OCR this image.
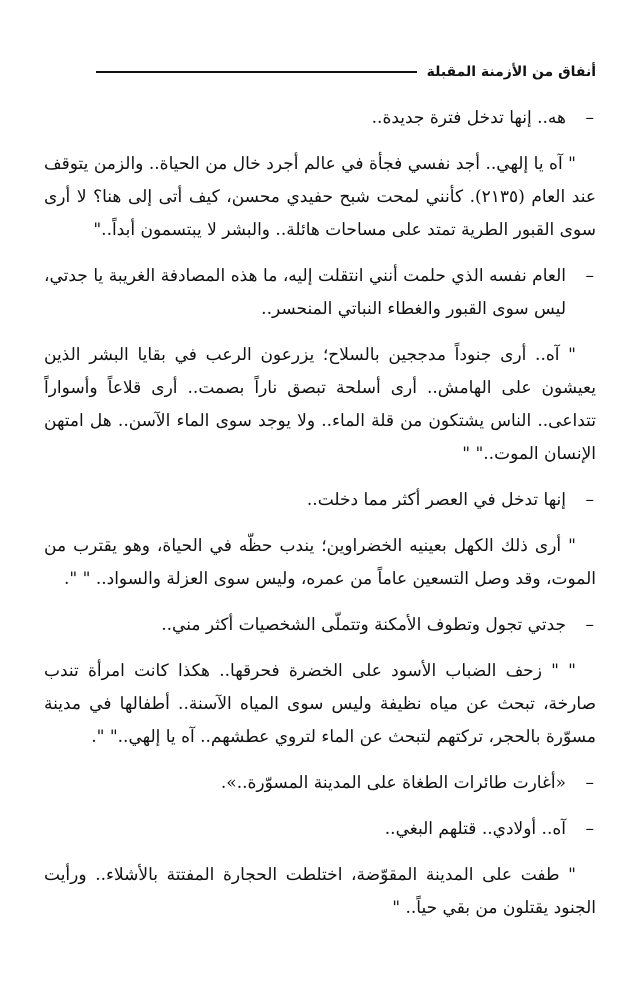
أنفاق من الأزمنة المقبلة

–
هه.. إنها تدخل فترة جديدة..

" آه يا إلهي.. أجد نفسي فجأة في عالم أجرد خال من الحياة.. والزمن يتوقف عند العام (٢١٣٥). كأنني لمحت شبح حفيدي محسن، كيف أتى إلى هنا؟ لا أرى سوى القبور الطرية تمتد على مساحات هائلة.. والبشر لا يبتسمون أبداً.."

–
العام نفسه الذي حلمت أنني انتقلت إليه، ما هذه المصادفة الغريبة يا جدتي، ليس سوى القبور والغطاء النباتي المنحسر..

" آه.. أرى جنوداً مدججين بالسلاح؛ يزرعون الرعب في بقايا البشر الذين يعيشون على الهامش.. أرى أسلحة تبصق ناراً بصمت.. أرى قلاعاً وأسواراً تتداعى.. الناس يشتكون من قلة الماء.. ولا يوجد سوى الماء الآسن.. هل امتهن الإنسان الموت.." "

–
إنها تدخل في العصر أكثر مما دخلت..

" أرى ذلك الكهل بعينيه الخضراوين؛ يندب حظّه في الحياة، وهو يقترب من الموت، وقد وصل التسعين عاماً من عمره، وليس سوى العزلة والسواد.. " ".

–
جدتي تجول وتطوف الأمكنة وتتملّى الشخصيات أكثر مني..

" " زحف الضباب الأسود على الخضرة فحرقها.. هكذا كانت امرأة تندب صارخة، تبحث عن مياه نظيفة وليس سوى المياه الآسنة.. أطفالها في مدينة مسوّرة بالحجر، تركتهم لتبحث عن الماء لتروي عطشهم.. آه يا إلهي.." ".

–
«أغارت طائرات الطغاة على المدينة المسوّرة..».

–
آه.. أولادي.. قتلهم البغي..

" طفت على المدينة المقوّضة، اختلطت الحجارة المفتتة بالأشلاء.. ورأيت الجنود يقتلون من بقي حياً.. "
